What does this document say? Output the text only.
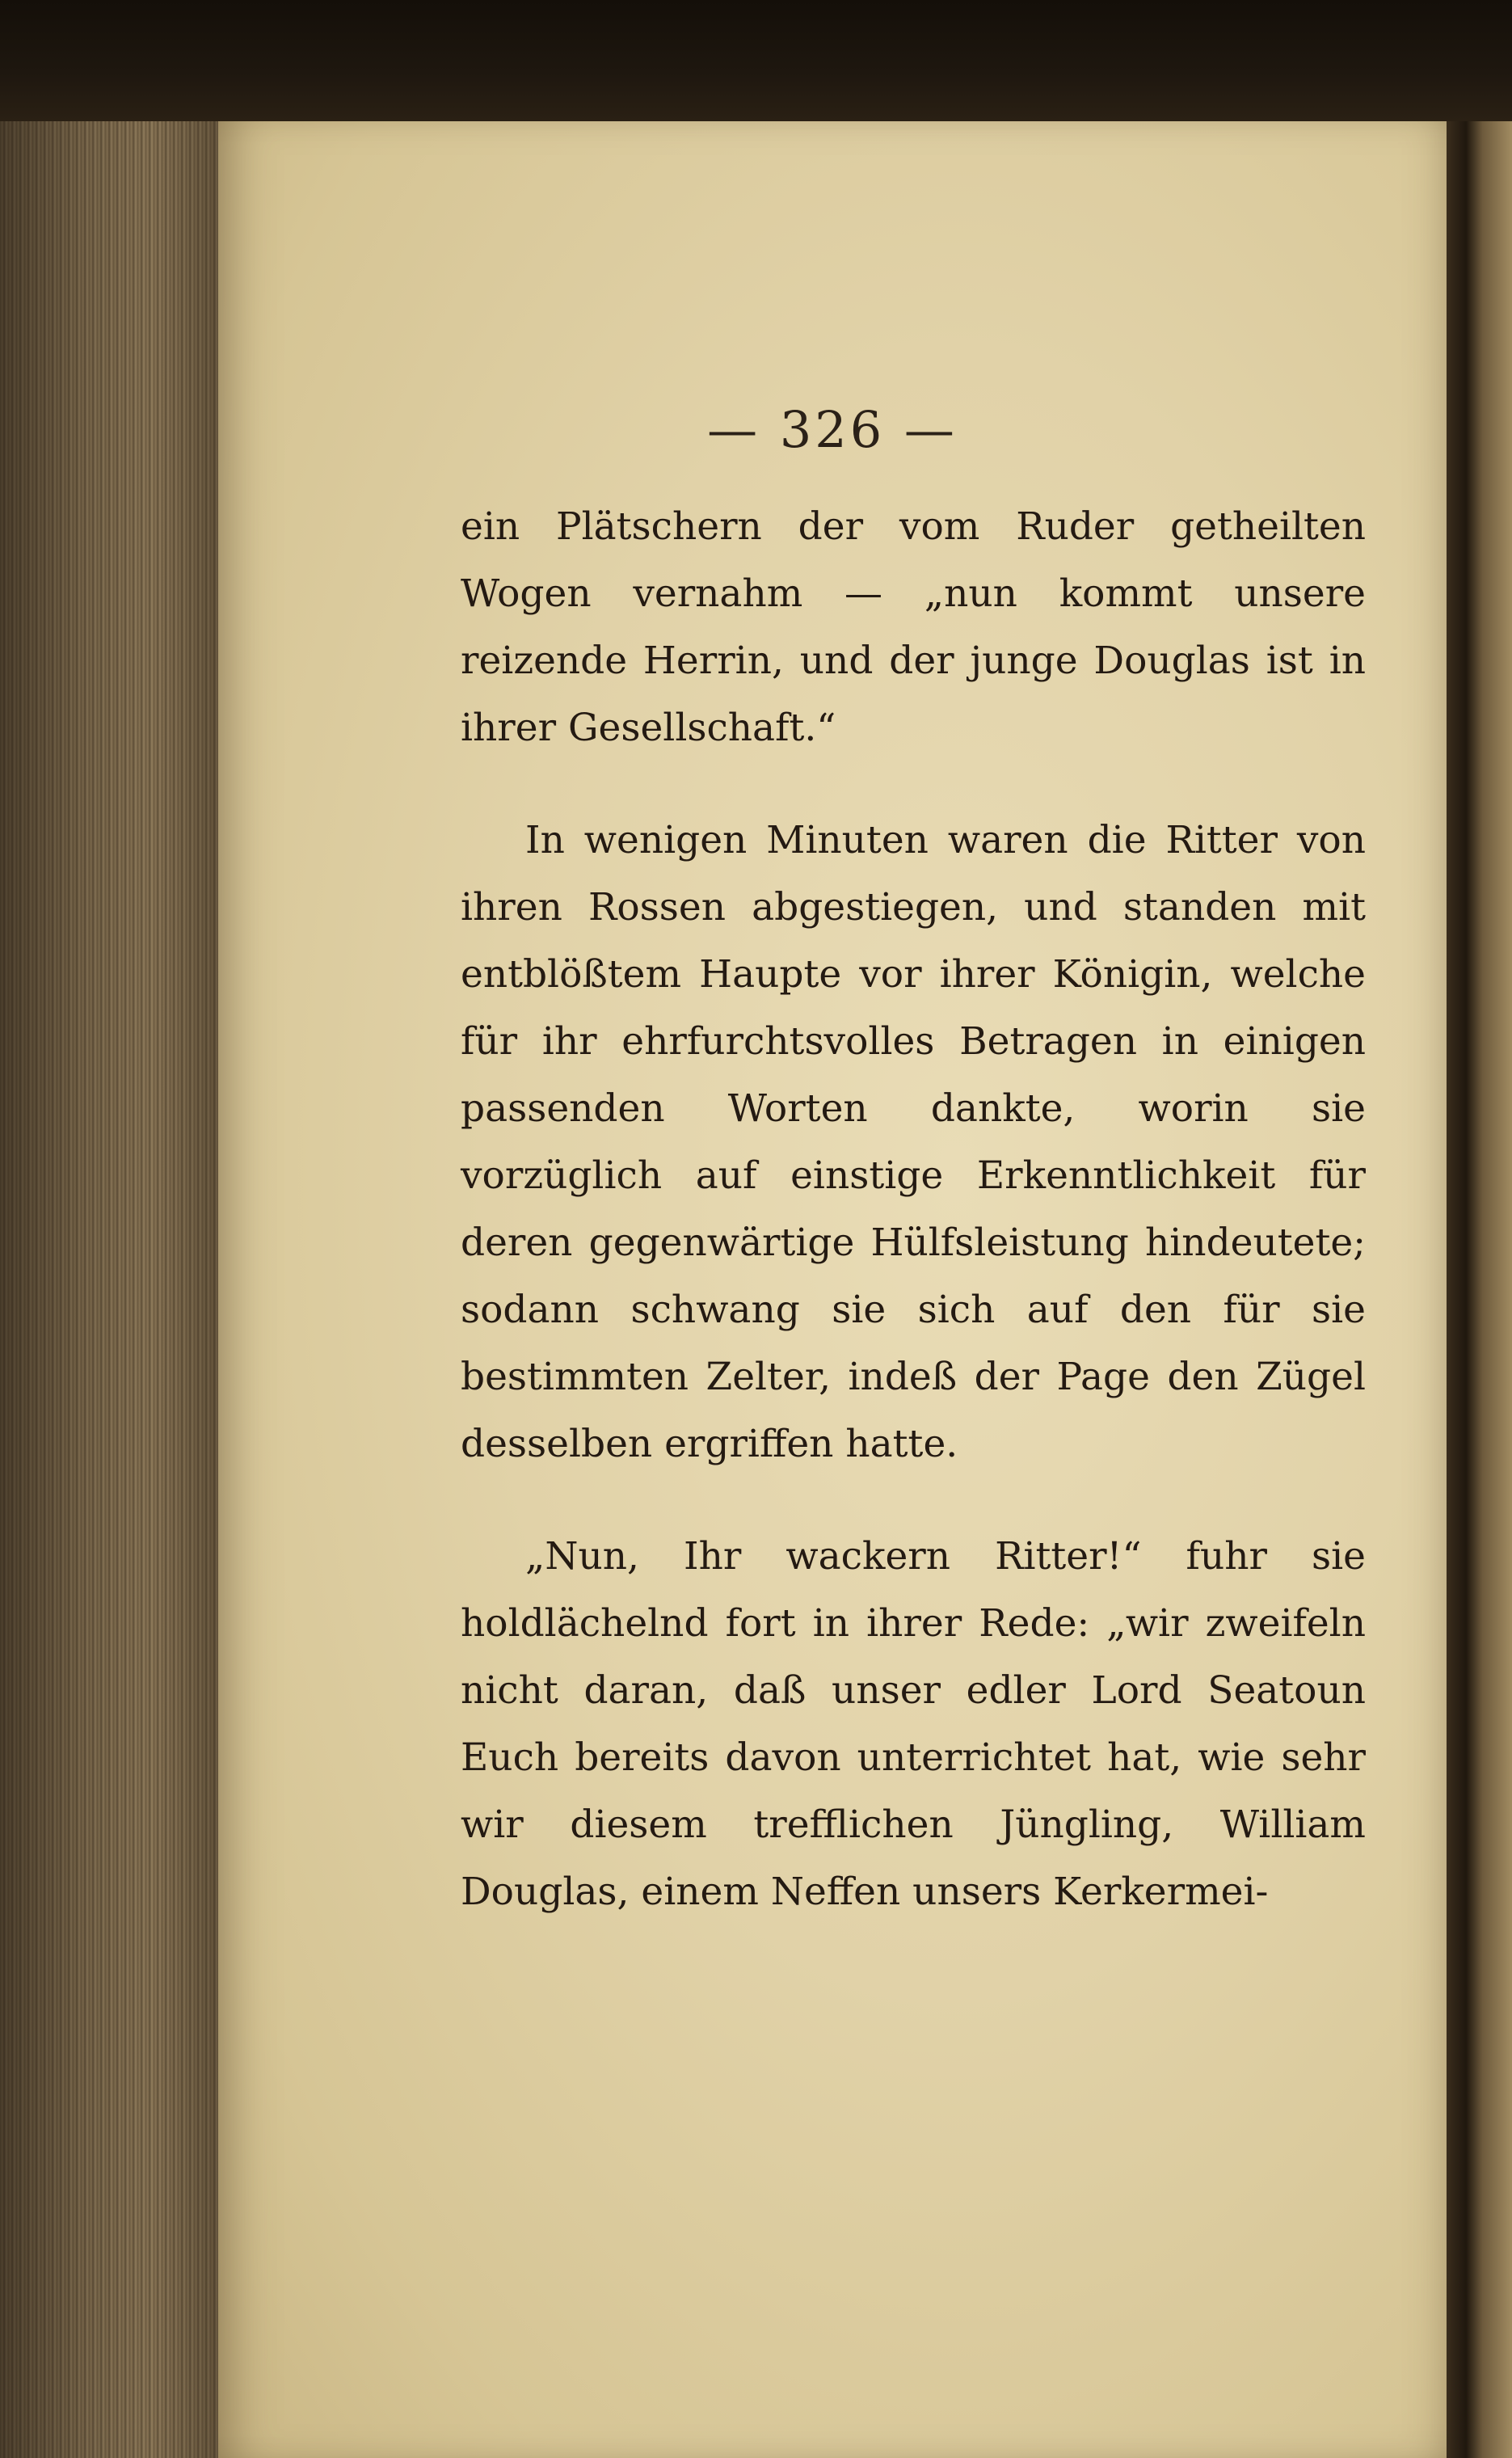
— 326 —

ein Plätschern der vom Ruder getheilten Wogen vernahm — „nun kommt unsere reizende Herrin, und der junge Douglas ist in ihrer Gesellschaft.“

In wenigen Minuten waren die Ritter von ihren Rossen abgestiegen, und standen mit entblößtem Haupte vor ihrer Königin, welche für ihr ehrfurchtsvolles Betragen in einigen passenden Worten dankte, worin sie vorzüglich auf einstige Erkenntlichkeit für deren gegenwärtige Hülfsleistung hindeutete; sodann schwang sie sich auf den für sie bestimmten Zelter, indeß der Page den Zügel desselben ergriffen hatte.

„Nun, Ihr wackern Ritter!“ fuhr sie holdlächelnd fort in ihrer Rede: „wir zweifeln nicht daran, daß unser edler Lord Seatoun Euch bereits davon unterrichtet hat, wie sehr wir diesem trefflichen Jüngling, William Douglas, einem Neffen unsers Kerkermei-
